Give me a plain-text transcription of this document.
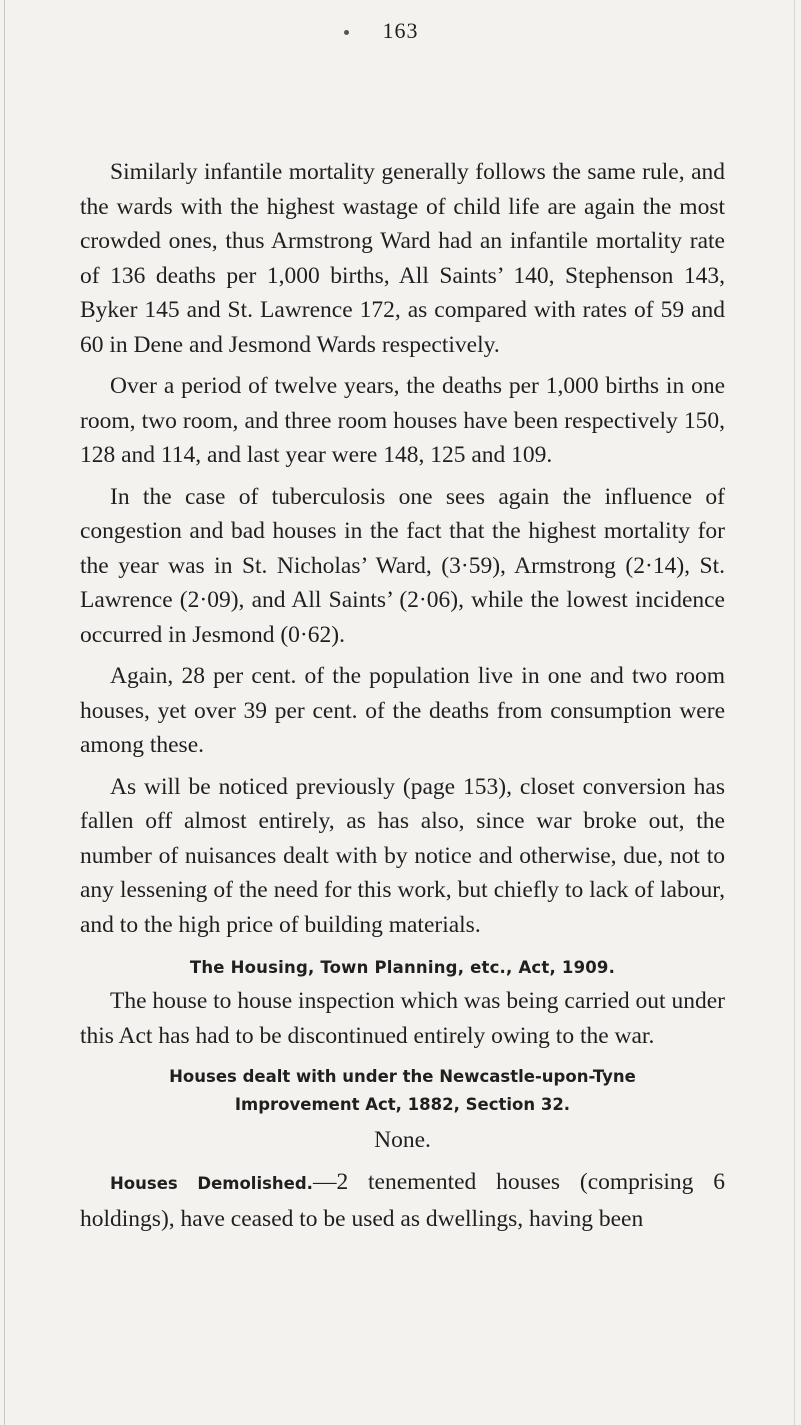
163

Similarly infantile mortality generally follows the same rule, and the wards with the highest wastage of child life are again the most crowded ones, thus Armstrong Ward had an infantile mortality rate of 136 deaths per 1,000 births, All Saints’ 140, Stephenson 143, Byker 145 and St. Lawrence 172, as compared with rates of 59 and 60 in Dene and Jesmond Wards respectively.

Over a period of twelve years, the deaths per 1,000 births in one room, two room, and three room houses have been respectively 150, 128 and 114, and last year were 148, 125 and 109.

In the case of tuberculosis one sees again the influence of congestion and bad houses in the fact that the highest mortality for the year was in St. Nicholas’ Ward, (3·59), Armstrong (2·14), St. Lawrence (2·09), and All Saints’ (2·06), while the lowest incidence occurred in Jesmond (0·62).

Again, 28 per cent. of the population live in one and two room houses, yet over 39 per cent. of the deaths from consumption were among these.

As will be noticed previously (page 153), closet conversion has fallen off almost entirely, as has also, since war broke out, the number of nuisances dealt with by notice and otherwise, due, not to any lessening of the need for this work, but chiefly to lack of labour, and to the high price of building materials.

The Housing, Town Planning, etc., Act, 1909.

The house to house inspection which was being carried out under this Act has had to be discontinued entirely owing to the war.

Houses dealt with under the Newcastle-upon-Tyne
Improvement Act, 1882, Section 32.
None.
Houses Demolished.—2 tenemented houses (comprising 6 holdings), have ceased to be used as dwellings, having been
